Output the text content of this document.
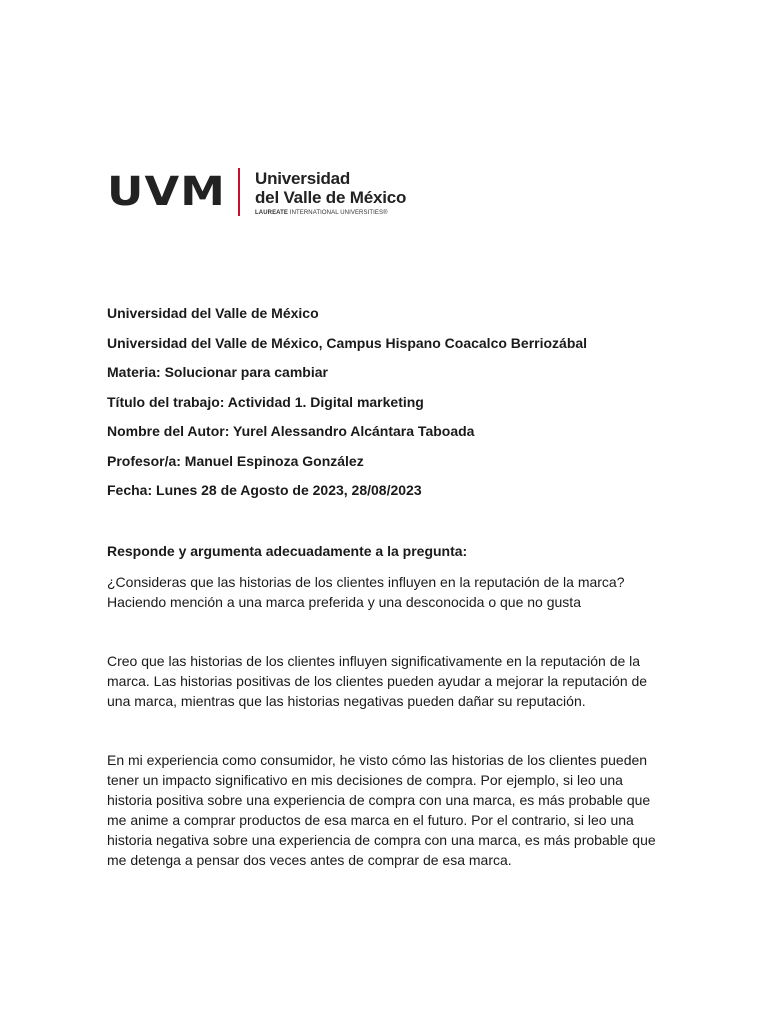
UVM	Universidad
del Valle de México
LAUREATE INTERNATIONAL UNIVERSITIES®
Universidad del Valle de México
Universidad del Valle de México, Campus Hispano Coacalco Berriozábal
Materia: Solucionar para cambiar
Título del trabajo: Actividad 1. Digital marketing
Nombre del Autor: Yurel Alessandro Alcántara Taboada
Profesor/a: Manuel Espinoza González
Fecha: Lunes 28 de Agosto de 2023, 28/08/2023
Responde y argumenta adecuadamente a la pregunta:

¿Consideras que las historias de los clientes influyen en la reputación de la marca? Haciendo mención a una marca preferida y una desconocida o que no gusta

Creo que las historias de los clientes influyen significativamente en la reputación de la marca. Las historias positivas de los clientes pueden ayudar a mejorar la reputación de una marca, mientras que las historias negativas pueden dañar su reputación.

En mi experiencia como consumidor, he visto cómo las historias de los clientes pueden tener un impacto significativo en mis decisiones de compra. Por ejemplo, si leo una historia positiva sobre una experiencia de compra con una marca, es más probable que me anime a comprar productos de esa marca en el futuro. Por el contrario, si leo una historia negativa sobre una experiencia de compra con una marca, es más probable que me detenga a pensar dos veces antes de comprar de esa marca.
